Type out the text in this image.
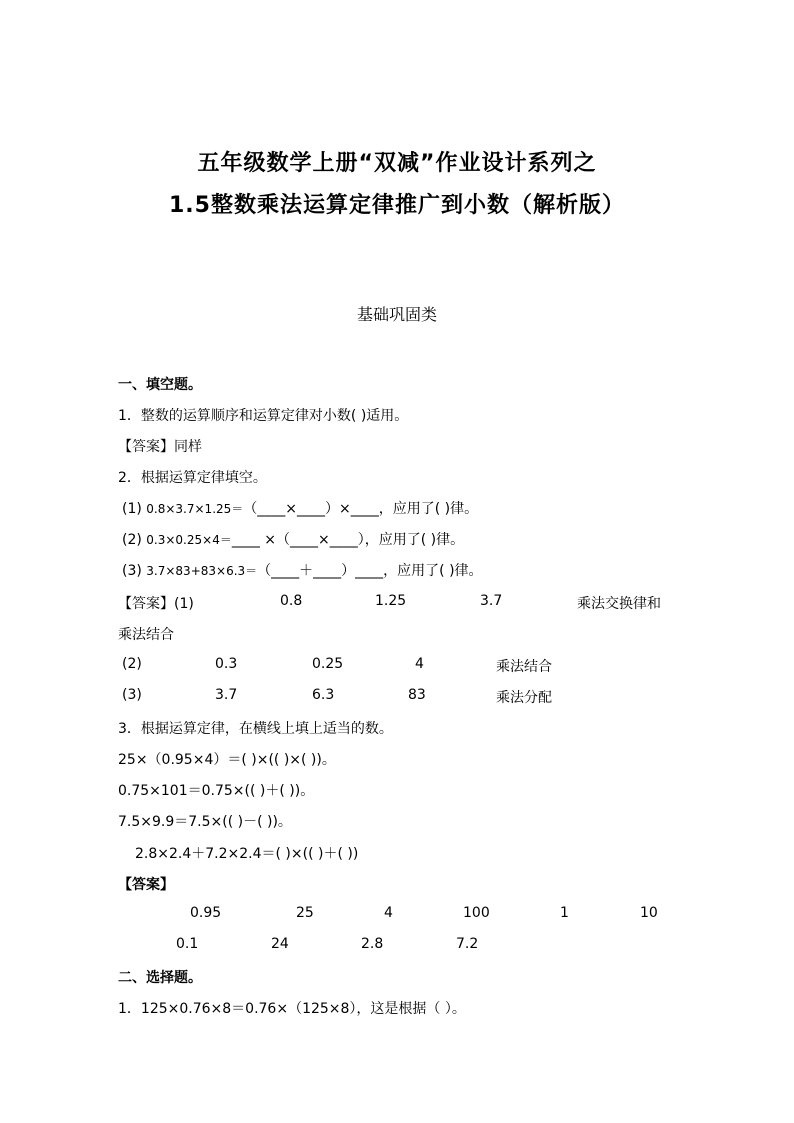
五年级数学上册“双减”作业设计系列之
1.5整数乘法运算定律推广到小数（解析版）
基础巩固类
一、填空题。
1．整数的运算顺序和运算定律对小数( )适用。
【答案】同样
2．根据运算定律填空。
(1) 0.8×3.7×1.25＝（____×____）×____，应用了( )律。
(2) 0.3×0.25×4＝____ ×（____×____），应用了( )律。
(3) 3.7×83+83×6.3＝（____＋____）____，应用了( )律。
【答案】(1)	0.8	1.25	3.7	乘法交换律和
乘法结合
(2)	0.3	0.25	4	乘法结合
(3)	3.7	6.3	83	乘法分配
3．根据运算定律，在横线上填上适当的数。
25×（0.95×4）＝( )×(( )×( ))。
0.75×101＝0.75×(( )＋( ))。
7.5×9.9＝7.5×(( )－( ))。
2.8×2.4＋7.2×2.4＝( )×(( )＋( ))
【答案】
0.95	25	4	100	1	10
0.1	24	2.8	7.2
二、选择题。
1．125×0.76×8＝0.76×（125×8），这是根据（ ）。
